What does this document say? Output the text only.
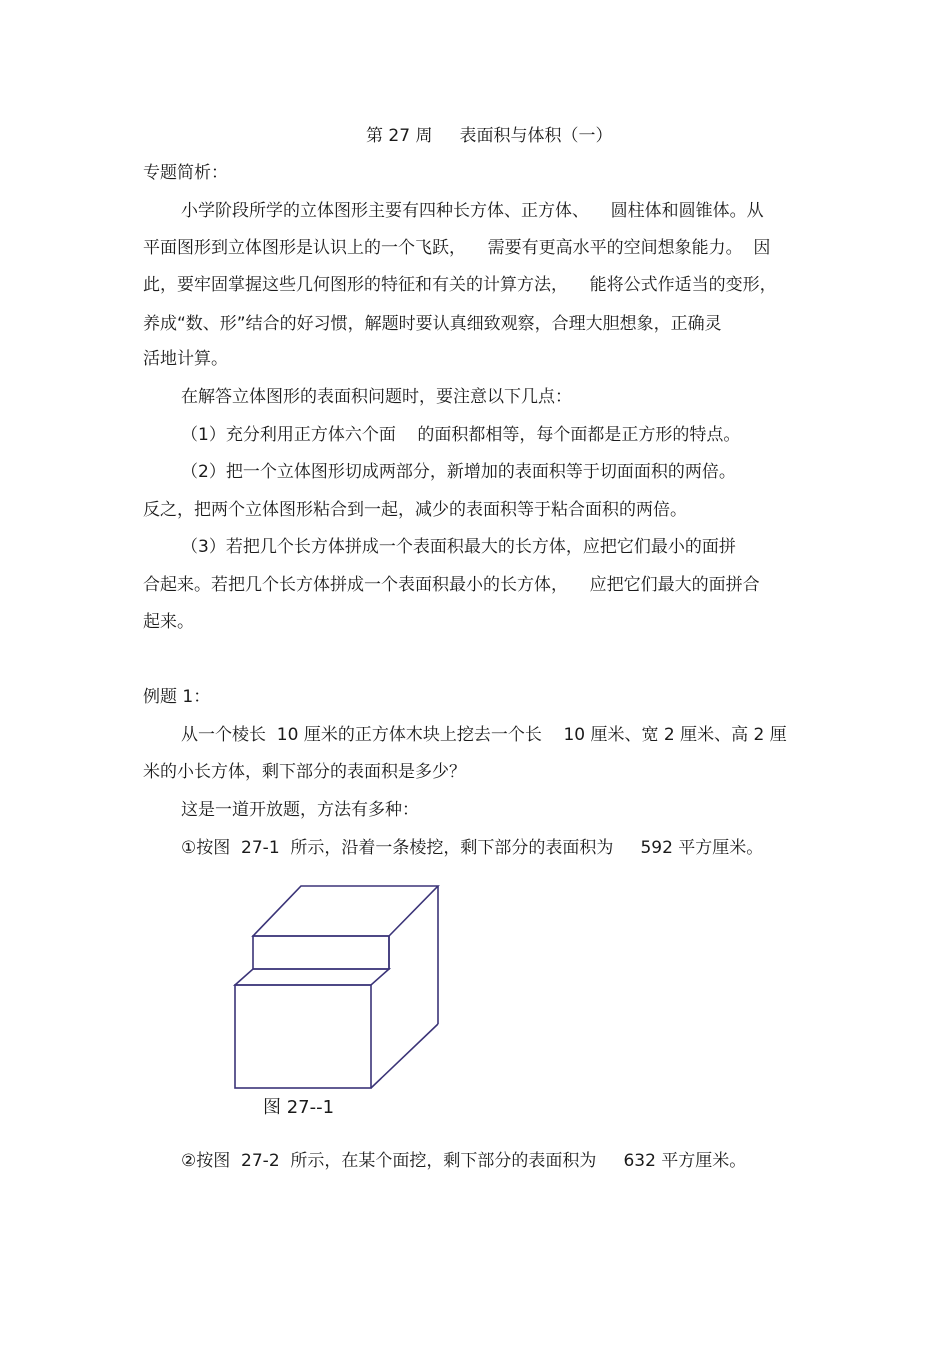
第 27 周     表面积与体积（一）
专题简析：
小学阶段所学的立体图形主要有四种长方体、正方体、    圆柱体和圆锥体。从
平面图形到立体图形是认识上的一个飞跃，    需要有更高水平的空间想象能力。  因
此，要牢固掌握这些几何图形的特征和有关的计算方法，    能将公式作适当的变形，
养成“数、形”结合的好习惯，解题时要认真细致观察，合理大胆想象，正确灵
活地计算。
在解答立体图形的表面积问题时，要注意以下几点：
（1）充分利用正方体六个面    的面积都相等，每个面都是正方形的特点。
（2）把一个立体图形切成两部分，新增加的表面积等于切面面积的两倍。
反之，把两个立体图形粘合到一起，减少的表面积等于粘合面积的两倍。
（3）若把几个长方体拼成一个表面积最大的长方体，应把它们最小的面拼
合起来。若把几个长方体拼成一个表面积最小的长方体，    应把它们最大的面拼合
起来。
例题 1：
从一个棱长  10 厘米的正方体木块上挖去一个长    10 厘米、宽 2 厘米、高 2 厘
米的小长方体，剩下部分的表面积是多少？
这是一道开放题，方法有多种：
①按图  27-1  所示，沿着一条棱挖，剩下部分的表面积为     592 平方厘米。
图 27--1
②按图  27-2  所示，在某个面挖，剩下部分的表面积为     632 平方厘米。
